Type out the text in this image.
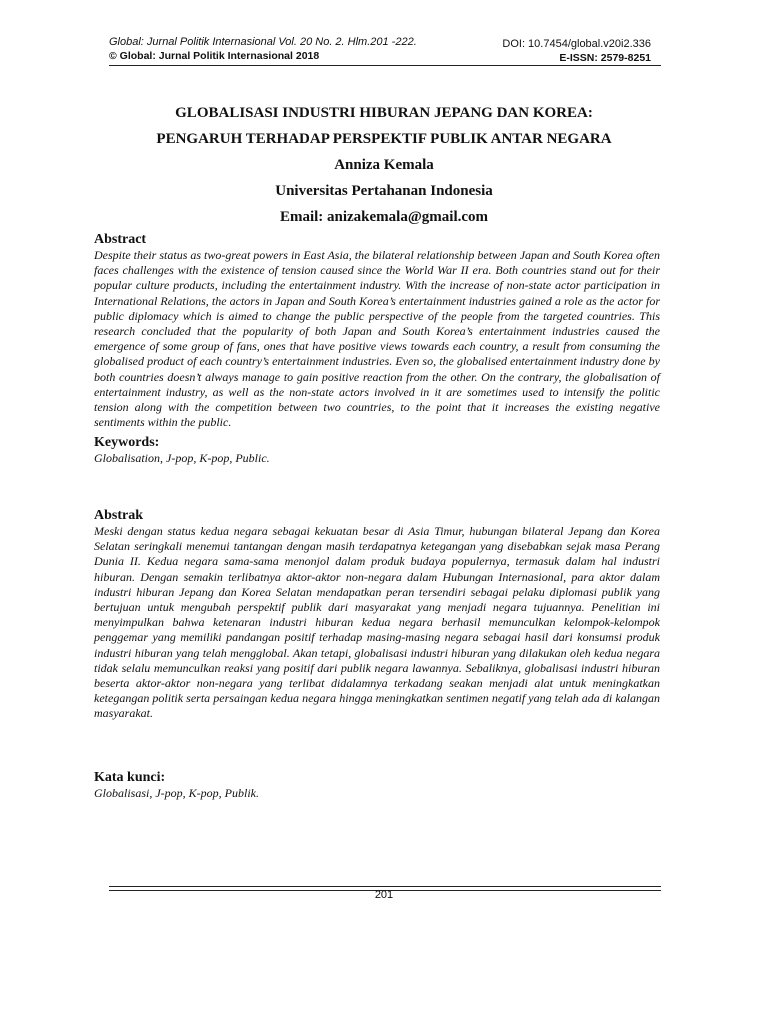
Global: Jurnal Politik Internasional Vol. 20 No. 2. Hlm.201 -222.
© Global: Jurnal Politik Internasional 2018
DOI: 10.7454/global.v20i2.336
E-ISSN: 2579-8251
GLOBALISASI INDUSTRI HIBURAN JEPANG DAN KOREA:
PENGARUH TERHADAP PERSPEKTIF PUBLIK ANTAR NEGARA
Anniza Kemala
Universitas Pertahanan Indonesia
Email: anizakemala@gmail.com
Abstract

Despite their status as two-great powers in East Asia, the bilateral relationship between Japan and South Korea often faces challenges with the existence of tension caused since the World War II era. Both countries stand out for their popular culture products, including the entertainment industry. With the increase of non-state actor participation in International Relations, the actors in Japan and South Korea’s entertainment industries gained a role as the actor for public diplomacy which is aimed to change the public perspective of the people from the targeted countries. This research concluded that the popularity of both Japan and South Korea’s entertainment industries caused the emergence of some group of fans, ones that have positive views towards each country, a result from consuming the globalised product of each country’s entertainment industries. Even so, the globalised entertainment industry done by both countries doesn’t always manage to gain positive reaction from the other. On the contrary, the globalisation of entertainment industry, as well as the non-state actors involved in it are sometimes used to intensify the politic tension along with the competition between two countries, to the point that it increases the existing negative sentiments within the public.

Keywords:

Globalisation, J-pop, K-pop, Public.

Abstrak

Meski dengan status kedua negara sebagai kekuatan besar di Asia Timur, hubungan bilateral Jepang dan Korea Selatan seringkali menemui tantangan dengan masih terdapatnya ketegangan yang disebabkan sejak masa Perang Dunia II. Kedua negara sama-sama menonjol dalam produk budaya populernya, termasuk dalam hal industri hiburan. Dengan semakin terlibatnya aktor-aktor non-negara dalam Hubungan Internasional, para aktor dalam industri hiburan Jepang dan Korea Selatan mendapatkan peran tersendiri sebagai pelaku diplomasi publik yang bertujuan untuk mengubah perspektif publik dari masyarakat yang menjadi negara tujuannya. Penelitian ini menyimpulkan bahwa ketenaran industri hiburan kedua negara berhasil memunculkan kelompok-kelompok penggemar yang memiliki pandangan positif terhadap masing-masing negara sebagai hasil dari konsumsi produk industri hiburan yang telah mengglobal. Akan tetapi, globalisasi industri hiburan yang dilakukan oleh kedua negara tidak selalu memunculkan reaksi yang positif dari publik negara lawannya. Sebaliknya, globalisasi industri hiburan beserta aktor-aktor non-negara yang terlibat didalamnya terkadang seakan menjadi alat untuk meningkatkan ketegangan politik serta persaingan kedua negara hingga meningkatkan sentimen negatif yang telah ada di kalangan masyarakat.

Kata kunci:

Globalisasi, J-pop, K-pop, Publik.

201
